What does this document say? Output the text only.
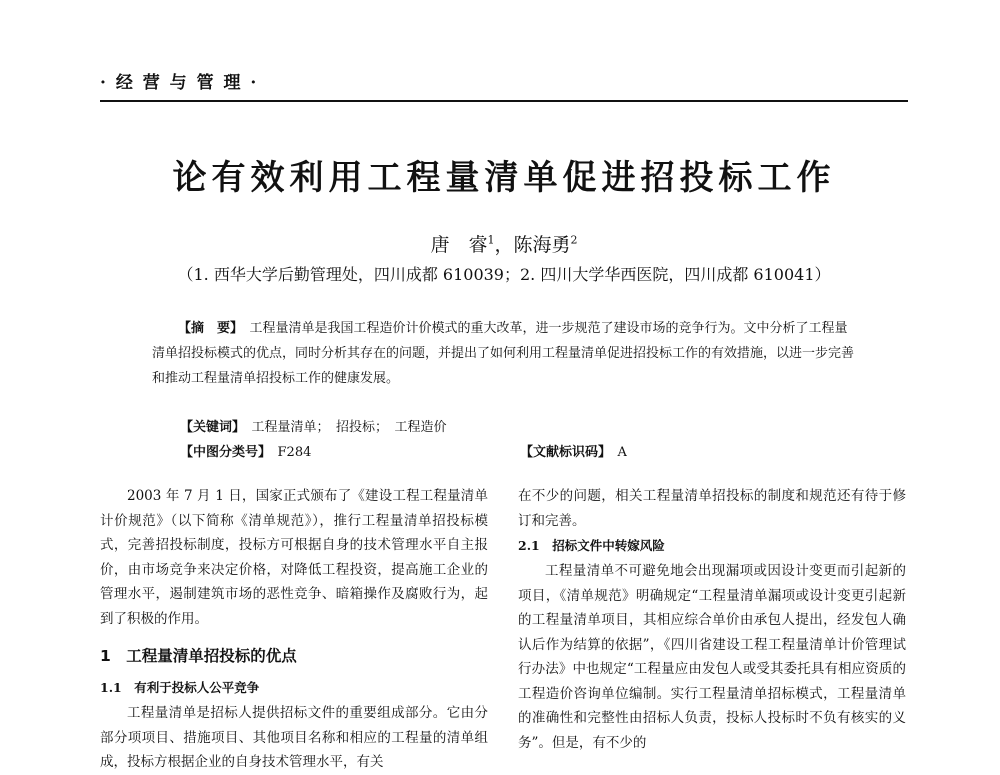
· 经 营 与 管 理 ·
论有效利用工程量清单促进招投标工作
唐　睿$^1$，陈海勇$^2$
（1. 西华大学后勤管理处，四川成都 610039；2. 四川大学华西医院，四川成都 610041）
【摘　要】　 工程量清单是我国工程造价计价模式的重大改革，进一步规范了建设市场的竞争行为。文中分析了工程量清单招投标模式的优点，同时分析其存在的问题，并提出了如何利用工程量清单促进招投标工作的有效措施，以进一步完善和推动工程量清单招投标工作的健康发展。
【关键词】　 工程量清单；　招投标；　工程造价
【中图分类号】　 F284	【文献标识码】　 A

2003 年 7 月 1 日，国家正式颁布了《建设工程工程量清单计价规范》（以下简称《清单规范》），推行工程量清单招投标模式，完善招投标制度，投标方可根据自身的技术管理水平自主报价，由市场竞争来决定价格，对降低工程投资，提高施工企业的管理水平，遏制建筑市场的恶性竞争、暗箱操作及腐败行为，起到了积极的作用。

1　工程量清单招投标的优点
1.1　有利于投标人公平竞争

工程量清单是招标人提供招标文件的重要组成部分。它由分部分项项目、措施项目、其他项目名称和相应的工程量的清单组成，投标方根据企业的自身技术管理水平，有关

在不少的问题，相关工程量清单招投标的制度和规范还有待于修订和完善。

2.1　招标文件中转嫁风险

工程量清单不可避免地会出现漏项或因设计变更而引起新的项目，《清单规范》明确规定“工程量清单漏项或设计变更引起新的工程量清单项目，其相应综合单价由承包人提出，经发包人确认后作为结算的依据”，《四川省建设工程工程量清单计价管理试行办法》中也规定“工程量应由发包人或受其委托具有相应资质的工程造价咨询单位编制。实行工程量清单招标模式，工程量清单的准确性和完整性由招标人负责，投标人投标时不负有核实的义务”。但是，有不少的
